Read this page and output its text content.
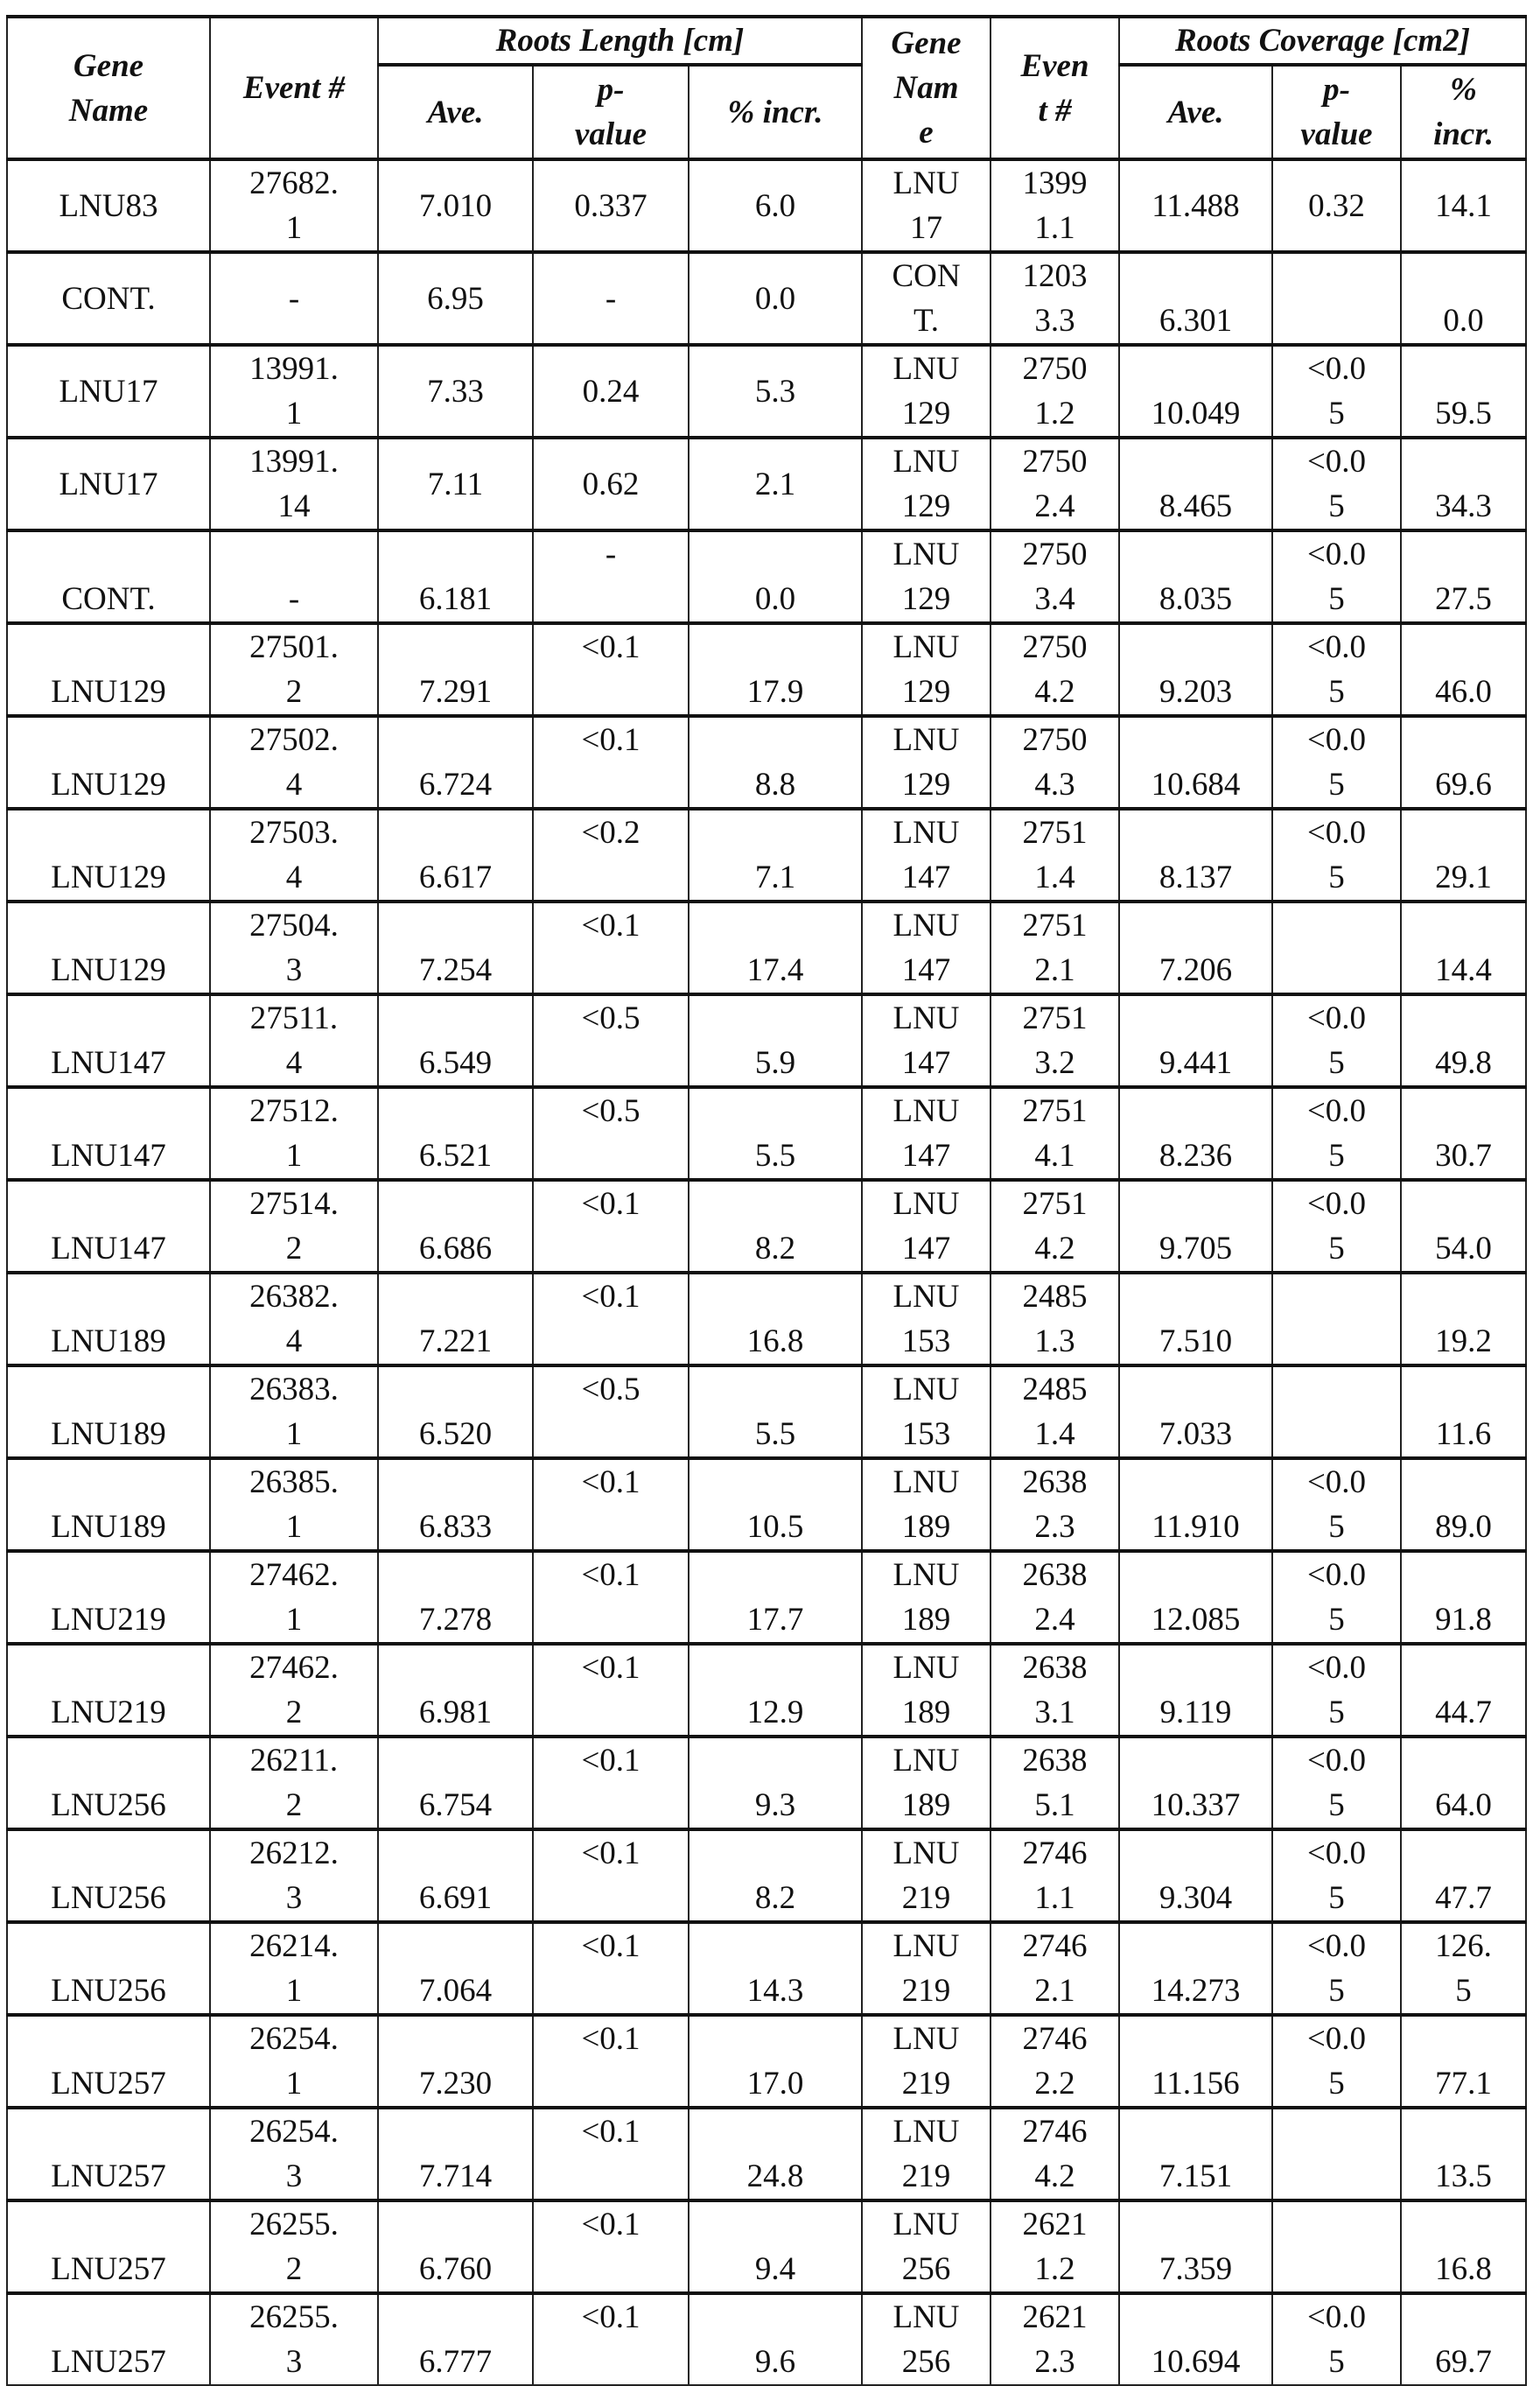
Gene
Name	Event #	Roots Length [cm]	Gene
Nam
e	Even
t #	Roots Coverage [cm2]
Ave.	p-
value	% incr.	Ave.	p-
value	%
incr.
LNU83	27682.
1	7.010	0.337	6.0	LNU
17	1399
1.1	11.488	0.32	14.1
CONT.	-	6.95	-	0.0	CON
T.	1203
3.3	6.301		0.0
LNU17	13991.
1	7.33	0.24	5.3	LNU
129	2750
1.2	10.049	<0.0
5	59.5
LNU17	13991.
14	7.11	0.62	2.1	LNU
129	2750
2.4	8.465	<0.0
5	34.3
CONT.	-	6.181	-	0.0	LNU
129	2750
3.4	8.035	<0.0
5	27.5
LNU129	27501.
2	7.291	<0.1	17.9	LNU
129	2750
4.2	9.203	<0.0
5	46.0
LNU129	27502.
4	6.724	<0.1	8.8	LNU
129	2750
4.3	10.684	<0.0
5	69.6
LNU129	27503.
4	6.617	<0.2	7.1	LNU
147	2751
1.4	8.137	<0.0
5	29.1
LNU129	27504.
3	7.254	<0.1	17.4	LNU
147	2751
2.1	7.206		14.4
LNU147	27511.
4	6.549	<0.5	5.9	LNU
147	2751
3.2	9.441	<0.0
5	49.8
LNU147	27512.
1	6.521	<0.5	5.5	LNU
147	2751
4.1	8.236	<0.0
5	30.7
LNU147	27514.
2	6.686	<0.1	8.2	LNU
147	2751
4.2	9.705	<0.0
5	54.0
LNU189	26382.
4	7.221	<0.1	16.8	LNU
153	2485
1.3	7.510		19.2
LNU189	26383.
1	6.520	<0.5	5.5	LNU
153	2485
1.4	7.033		11.6
LNU189	26385.
1	6.833	<0.1	10.5	LNU
189	2638
2.3	11.910	<0.0
5	89.0
LNU219	27462.
1	7.278	<0.1	17.7	LNU
189	2638
2.4	12.085	<0.0
5	91.8
LNU219	27462.
2	6.981	<0.1	12.9	LNU
189	2638
3.1	9.119	<0.0
5	44.7
LNU256	26211.
2	6.754	<0.1	9.3	LNU
189	2638
5.1	10.337	<0.0
5	64.0
LNU256	26212.
3	6.691	<0.1	8.2	LNU
219	2746
1.1	9.304	<0.0
5	47.7
LNU256	26214.
1	7.064	<0.1	14.3	LNU
219	2746
2.1	14.273	<0.0
5	126.
5
LNU257	26254.
1	7.230	<0.1	17.0	LNU
219	2746
2.2	11.156	<0.0
5	77.1
LNU257	26254.
3	7.714	<0.1	24.8	LNU
219	2746
4.2	7.151		13.5
LNU257	26255.
2	6.760	<0.1	9.4	LNU
256	2621
1.2	7.359		16.8
LNU257	26255.
3	6.777	<0.1	9.6	LNU
256	2621
2.3	10.694	<0.0
5	69.7
